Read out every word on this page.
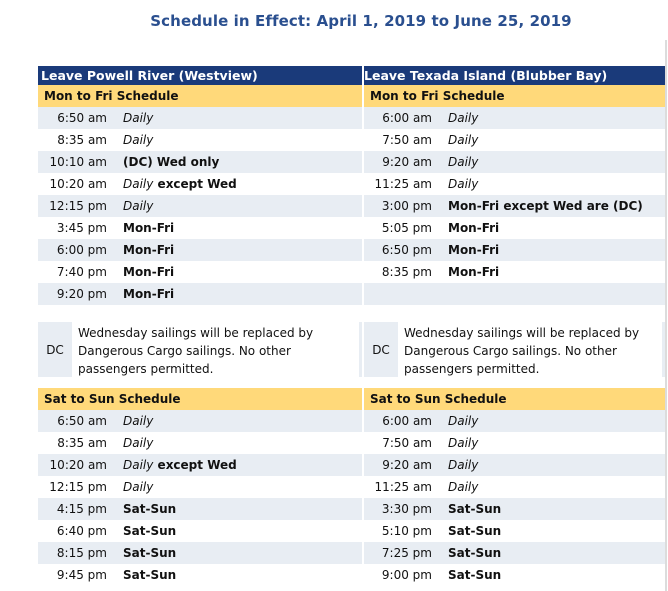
Schedule in Effect: April 1, 2019 to June 25, 2019
Leave Powell River (Westview)
Mon to Fri Schedule
6:50 am	Daily
8:35 am	Daily
10:10 am	(DC) Wed only
10:20 am	Daily except Wed
12:15 pm	Daily
3:45 pm	Mon-Fri
6:00 pm	Mon-Fri
7:40 pm	Mon-Fri
9:20 pm	Mon-Fri
DC
Wednesday sailings will be replaced by Dangerous Cargo sailings. No other passengers permitted.
Sat to Sun Schedule
6:50 am	Daily
8:35 am	Daily
10:20 am	Daily except Wed
12:15 pm	Daily
4:15 pm	Sat-Sun
6:40 pm	Sat-Sun
8:15 pm	Sat-Sun
9:45 pm	Sat-Sun
Leave Texada Island (Blubber Bay)
Mon to Fri Schedule
6:00 am	Daily
7:50 am	Daily
9:20 am	Daily
11:25 am	Daily
3:00 pm	Mon-Fri except Wed are (DC)
5:05 pm	Mon-Fri
6:50 pm	Mon-Fri
8:35 pm	Mon-Fri
DC
Wednesday sailings will be replaced by Dangerous Cargo sailings. No other passengers permitted.
Sat to Sun Schedule
6:00 am	Daily
7:50 am	Daily
9:20 am	Daily
11:25 am	Daily
3:30 pm	Sat-Sun
5:10 pm	Sat-Sun
7:25 pm	Sat-Sun
9:00 pm	Sat-Sun
